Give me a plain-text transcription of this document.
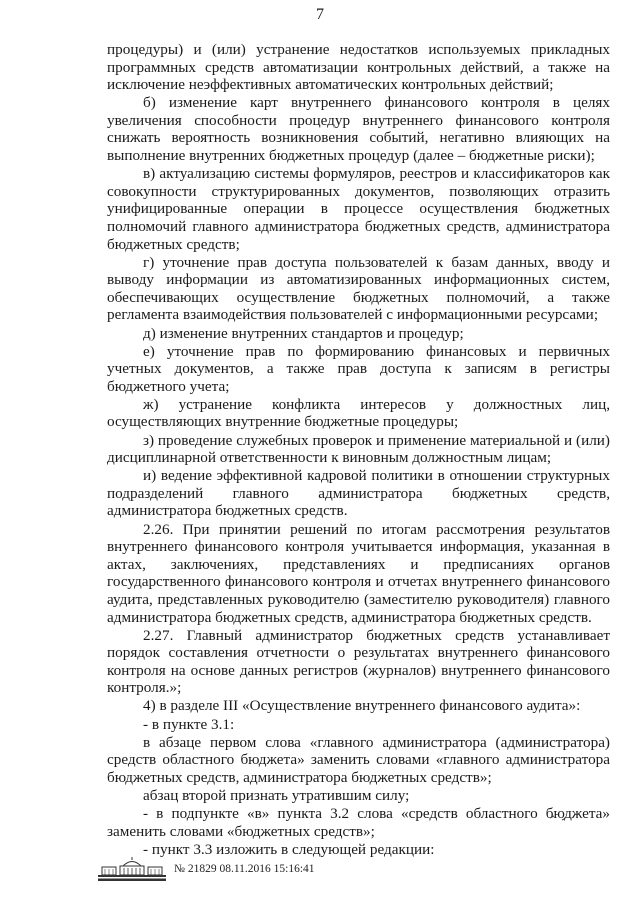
7

процедуры) и (или) устранение недостатков используемых прикладных программных средств автоматизации контрольных действий, а также на исключение неэффективных автоматических контрольных действий;

б) изменение карт внутреннего финансового контроля в целях увеличения способности процедур внутреннего финансового контроля снижать вероятность возникновения событий, негативно влияющих на выполнение внутренних бюджетных процедур (далее – бюджетные риски);

в) актуализацию системы формуляров, реестров и классификаторов как совокупности структурированных документов, позволяющих отразить унифицированные операции в процессе осуществления бюджетных полномочий главного администратора бюджетных средств, администратора бюджетных средств;

г) уточнение прав доступа пользователей к базам данных, вводу и выводу информации из автоматизированных информационных систем, обеспечивающих осуществление бюджетных полномочий, а также регламента взаимодействия пользователей с информационными ресурсами;

д) изменение внутренних стандартов и процедур;

е) уточнение прав по формированию финансовых и первичных учетных документов, а также прав доступа к записям в регистры бюджетного учета;

ж) устранение конфликта интересов у должностных лиц, осуществляющих внутренние бюджетные процедуры;

з) проведение служебных проверок и применение материальной и (или) дисциплинарной ответственности к виновным должностным лицам;

и) ведение эффективной кадровой политики в отношении структурных подразделений главного администратора бюджетных средств, администратора бюджетных средств.

2.26. При принятии решений по итогам рассмотрения результатов внутреннего финансового контроля учитывается информация, указанная в актах, заключениях, представлениях и предписаниях органов государственного финансового контроля и отчетах внутреннего финансового аудита, представленных руководителю (заместителю руководителя) главного администратора бюджетных средств, администратора бюджетных средств.

2.27. Главный администратор бюджетных средств устанавливает порядок составления отчетности о результатах внутреннего финансового контроля на основе данных регистров (журналов) внутреннего финансового контроля.»;

4) в разделе III «Осуществление внутреннего финансового аудита»:

- в пункте 3.1:

в абзаце первом слова «главного администратора (администратора) средств областного бюджета» заменить словами «главного администратора бюджетных средств, администратора бюджетных средств»;

абзац второй признать утратившим силу;

- в подпункте «в» пункта 3.2 слова «средств областного бюджета» заменить словами «бюджетных средств»;

- пункт 3.3 изложить в следующей редакции:

№ 21829 08.11.2016 15:16:41
